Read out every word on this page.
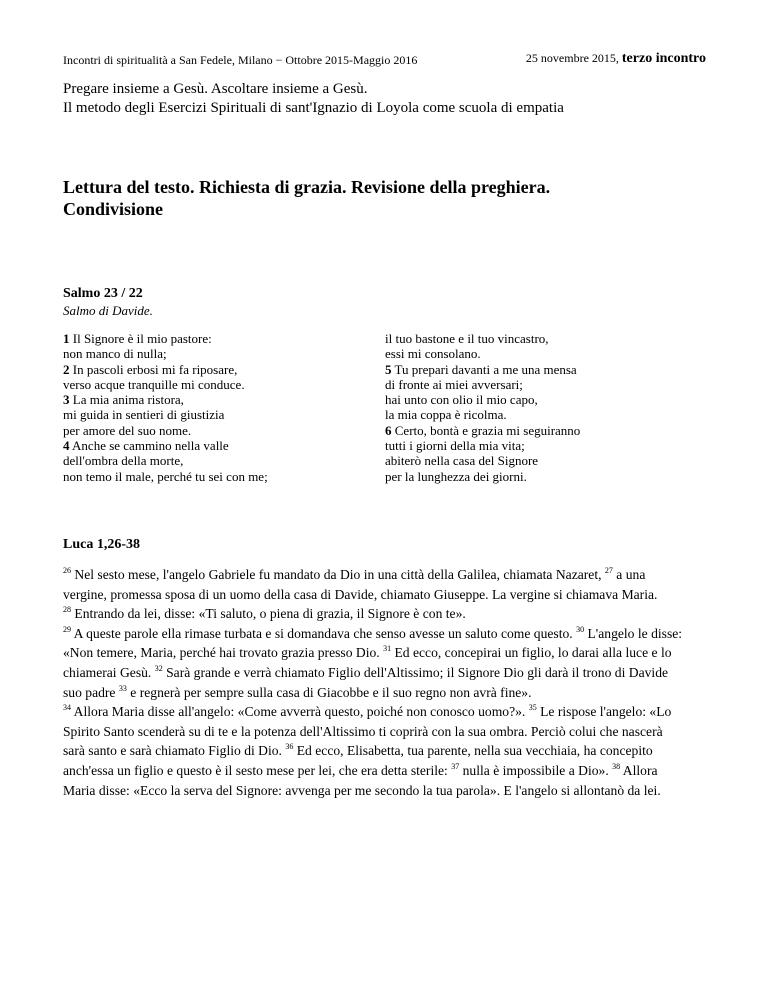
Incontri di spiritualità a San Fedele, Milano − Ottobre 2015-Maggio 2016	25 novembre 2015, terzo incontro
Pregare insieme a Gesù. Ascoltare insieme a Gesù.
Il metodo degli Esercizi Spirituali di sant'Ignazio di Loyola come scuola di empatia
Lettura del testo. Richiesta di grazia. Revisione della preghiera.
Condivisione
Salmo 23 / 22
Salmo di Davide.
1 Il Signore è il mio pastore:
non manco di nulla;
2 In pascoli erbosi mi fa riposare,
verso acque tranquille mi conduce.
3 La mia anima ristora,
mi guida in sentieri di giustizia
per amore del suo nome.
4 Anche se cammino nella valle
dell'ombra della morte,
non temo il male, perché tu sei con me;
il tuo bastone e il tuo vincastro,
essi mi consolano.
5 Tu prepari davanti a me una mensa
di fronte ai miei avversari;
hai unto con olio il mio capo,
la mia coppa è ricolma.
6 Certo, bontà e grazia mi seguiranno
tutti i giorni della mia vita;
abiterò nella casa del Signore
per la lunghezza dei giorni.
Luca 1,26-38
$^{26}$ Nel sesto mese, l'angelo Gabriele fu mandato da Dio in una città della Galilea, chiamata Nazaret, $^{27}$ a una
vergine, promessa sposa di un uomo della casa di Davide, chiamato Giuseppe. La vergine si chiamava Maria.
$^{28}$ Entrando da lei, disse: «Ti saluto, o piena di grazia, il Signore è con te».
$^{29}$ A queste parole ella rimase turbata e si domandava che senso avesse un saluto come questo. $^{30}$ L'angelo le disse:
«Non temere, Maria, perché hai trovato grazia presso Dio. $^{31}$ Ed ecco, concepirai un figlio, lo darai alla luce e lo
chiamerai Gesù. $^{32}$ Sarà grande e verrà chiamato Figlio dell'Altissimo; il Signore Dio gli darà il trono di Davide
suo padre $^{33}$ e regnerà per sempre sulla casa di Giacobbe e il suo regno non avrà fine».
$^{34}$ Allora Maria disse all'angelo: «Come avverrà questo, poiché non conosco uomo?». $^{35}$ Le rispose l'angelo: «Lo
Spirito Santo scenderà su di te e la potenza dell'Altissimo ti coprirà con la sua ombra. Perciò colui che nascerà
sarà santo e sarà chiamato Figlio di Dio. $^{36}$ Ed ecco, Elisabetta, tua parente, nella sua vecchiaia, ha concepito
anch'essa un figlio e questo è il sesto mese per lei, che era detta sterile: $^{37}$ nulla è impossibile a Dio». $^{38}$ Allora
Maria disse: «Ecco la serva del Signore: avvenga per me secondo la tua parola». E l'angelo si allontanò da lei.
